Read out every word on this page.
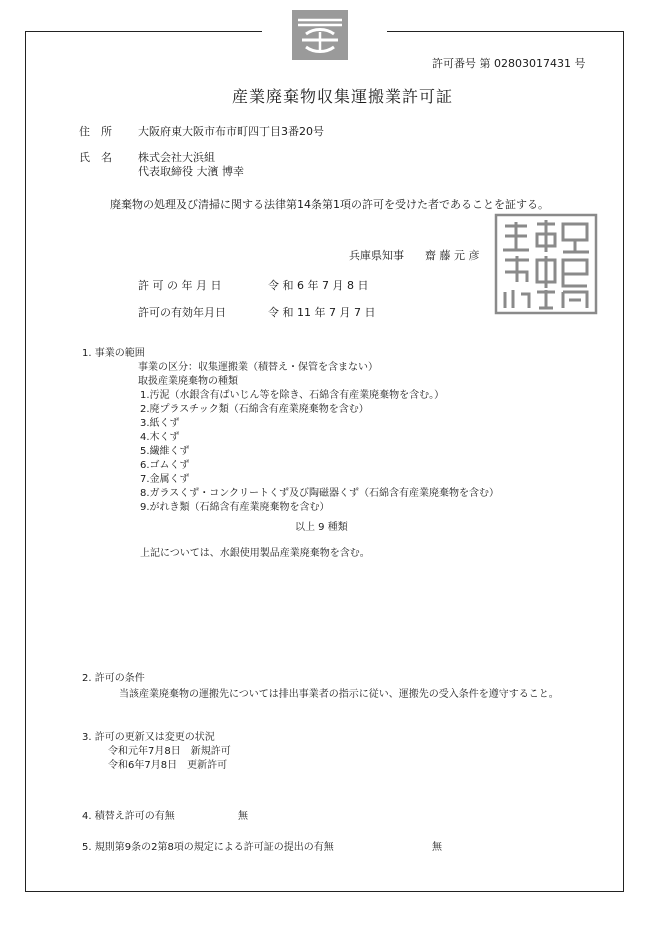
許可番号 第 02803017431 号
産業廃棄物収集運搬業許可証
住　所 大阪府東大阪市布市町四丁目3番20号
氏　名 株式会社大浜組
代表取締役 大濱 博幸
廃棄物の処理及び清掃に関する法律第14条第1項の許可を受けた者であることを証する。
兵庫県知事 齋 藤 元 彦
許 可 の 年 月 日	令 和 6 年 7 月 8 日
許可の有効年月日	令 和 11 年 7 月 7 日
1. 事業の範囲
事業の区分：収集運搬業（積替え・保管を含まない）
取扱産業廃棄物の種類
1.汚泥（水銀含有ばいじん等を除き、石綿含有産業廃棄物を含む。）
2.廃プラスチック類（石綿含有産業廃棄物を含む）
3.紙くず
4.木くず
5.繊維くず
6.ゴムくず
7.金属くず
8.ガラスくず・コンクリートくず及び陶磁器くず（石綿含有産業廃棄物を含む）
9.がれき類（石綿含有産業廃棄物を含む）
以上 9 種類
上記については、水銀使用製品産業廃棄物を含む。
2. 許可の条件
当該産業廃棄物の運搬先については排出事業者の指示に従い、運搬先の受入条件を遵守すること。
3. 許可の更新又は変更の状況
令和元年7月8日　新規許可
令和6年7月8日　更新許可
4. 積替え許可の有無	無
5. 規則第9条の2第8項の規定による許可証の提出の有無	無
